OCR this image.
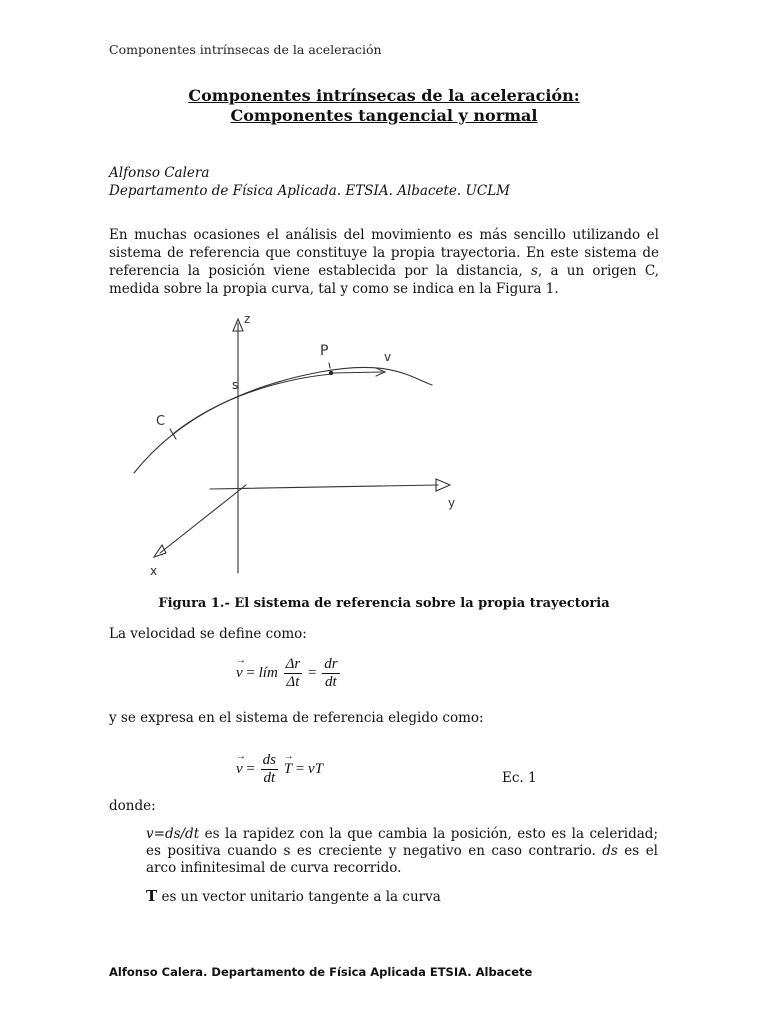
Componentes intrínsecas de la aceleración
Componentes intrínsecas de la aceleración:
Componentes tangencial y normal
Alfonso Calera
Departamento de Física Aplicada. ETSIA. Albacete. UCLM
En muchas ocasiones el análisis del movimiento es más sencillo utilizando el sistema de referencia que constituye la propia trayectoria. En este sistema de referencia la posición viene establecida por la distancia, s, a un origen C, medida sobre la propia curva, tal y como se indica en la Figura 1.
z
P	v
s
C
y
x
Figura 1.- El sistema de referencia sobre la propia trayectoria
La velocidad se define como:
→ v = lím $\frac{\Delta r}{\Delta t} = \frac{dr}{dt}$
y se expresa en el sistema de referencia elegido como:
→ $v = \frac{ds}{dt}$
→ T = vT
Ec. 1
donde:
v=ds/dt es la rapidez con la que cambia la posición, esto es la celeridad; es positiva cuando s es creciente y negativo en caso contrario. ds es el arco infinitesimal de curva recorrido.
T es un vector unitario tangente a la curva
Alfonso Calera. Departamento de Física Aplicada ETSIA. Albacete
